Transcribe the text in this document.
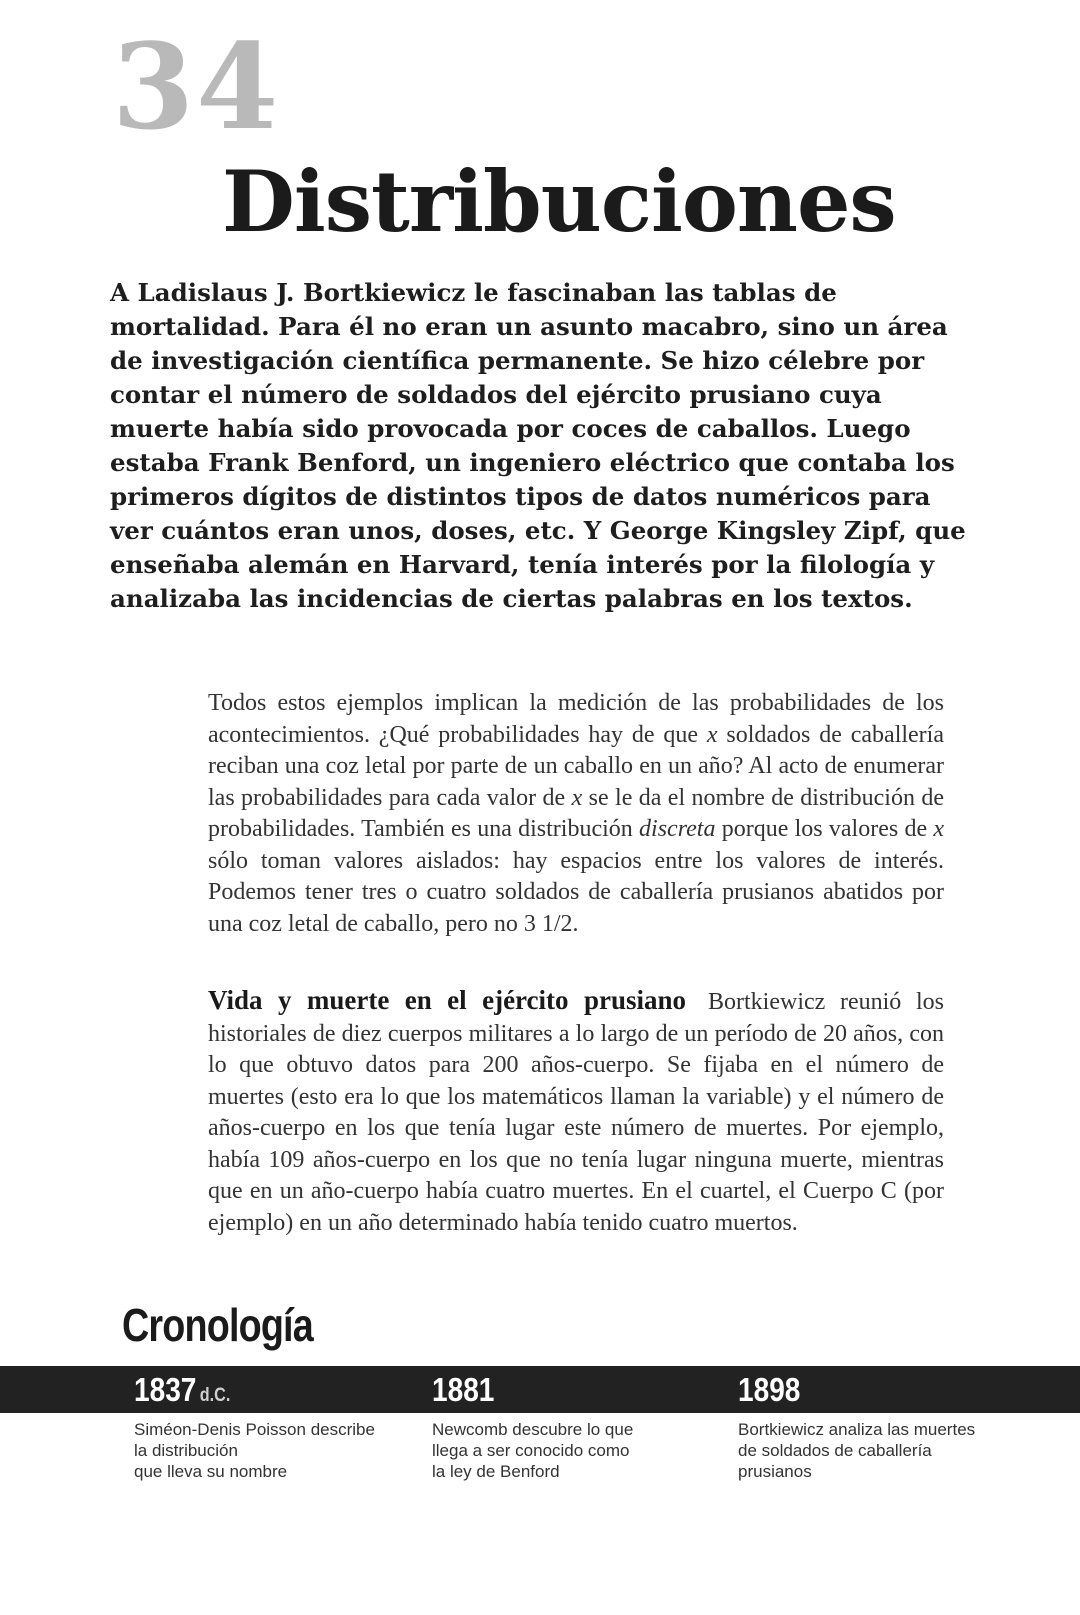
34
Distribuciones

A Ladislaus J. Bortkiewicz le fascinaban las tablas de mortalidad. Para él no eran un asunto macabro, sino un área de investigación científica permanente. Se hizo célebre por contar el número de soldados del ejército prusiano cuya muerte había sido provocada por coces de caballos. Luego estaba Frank Benford, un ingeniero eléctrico que contaba los primeros dígitos de distintos tipos de datos numéricos para ver cuántos eran unos, doses, etc. Y George Kingsley Zipf, que enseñaba alemán en Harvard, tenía interés por la filología y analizaba las incidencias de ciertas palabras en los textos.

Todos estos ejemplos implican la medición de las probabilidades de los acontecimientos. ¿Qué probabilidades hay de que x soldados de caballería reciban una coz letal por parte de un caballo en un año? Al acto de enumerar las probabilidades para cada valor de x se le da el nombre de distribución de probabilidades. También es una distribución discreta porque los valores de x sólo toman valores aislados: hay espacios entre los valores de interés. Podemos tener tres o cuatro soldados de caballería prusianos abatidos por una coz letal de caballo, pero no 3 1/2.

Vida y muerte en el ejército prusiano Bortkiewicz reunió los historiales de diez cuerpos militares a lo largo de un período de 20 años, con lo que obtuvo datos para 200 años-cuerpo. Se fijaba en el número de muertes (esto era lo que los matemáticos llaman la variable) y el número de años-cuerpo en los que tenía lugar este número de muertes. Por ejemplo, había 109 años-cuerpo en los que no tenía lugar ninguna muerte, mientras que en un año-cuerpo había cuatro muertes. En el cuartel, el Cuerpo C (por ejemplo) en un año determinado había tenido cuatro muertos.

Cronología
1837 d.C.	1881	1898

Siméon-Denis Poisson describe
la distribución
que lleva su nombre

Newcomb descubre lo que
llega a ser conocido como
la ley de Benford

Bortkiewicz analiza las muertes
de soldados de caballería
prusianos
